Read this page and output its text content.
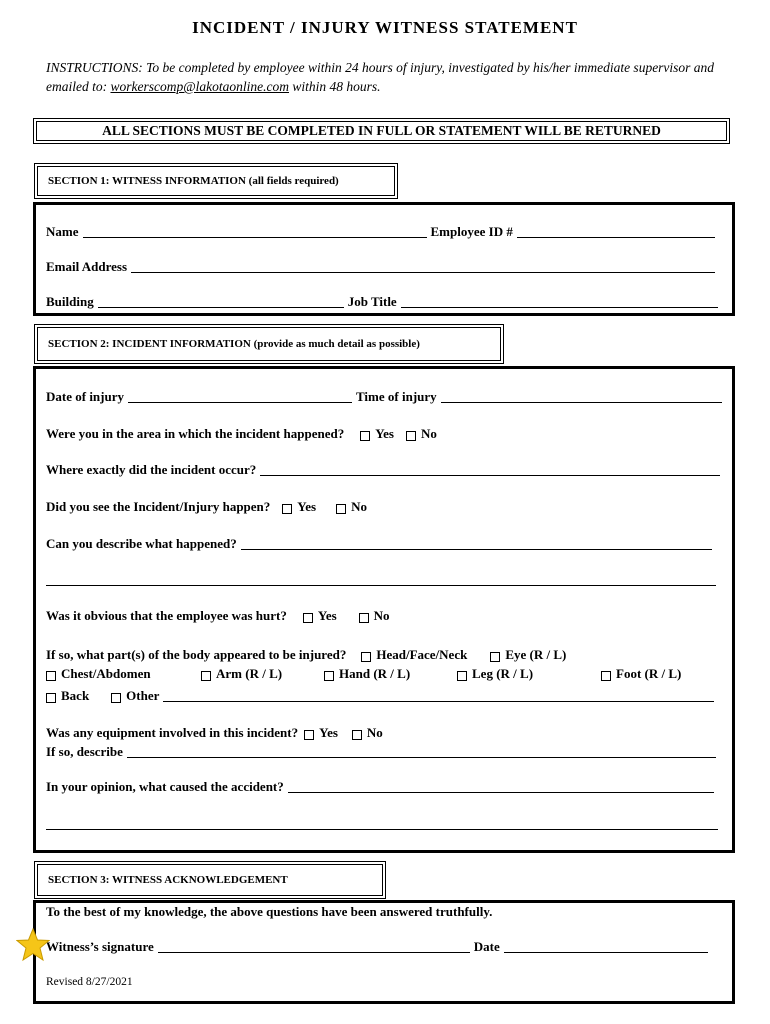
INCIDENT / INJURY WITNESS STATEMENT
INSTRUCTIONS: To be completed by employee within 24 hours of injury, investigated by his/her immediate supervisor and emailed to: workerscomp@lakotaonline.com within 48 hours.
ALL SECTIONS MUST BE COMPLETED IN FULL OR STATEMENT WILL BE RETURNED
SECTION 1: WITNESS INFORMATION (all fields required)
Name	Employee ID #
Email Address
Building	Job Title
SECTION 2: INCIDENT INFORMATION (provide as much detail as possible)
Date of injury	Time of injury
Were you in the area in which the incident happened? Yes No
Where exactly did the incident occur?
Did you see the Incident/Injury happen? Yes	No
Can you describe what happened?
Was it obvious that the employee was hurt? Yes	No
If so, what part(s) of the body appeared to be injured? Head/Face/Neck	Eye (R / L)
Chest/Abdomen	Arm (R / L)	Hand (R / L)	Leg (R / L)	Foot (R / L)
Back	Other
Was any equipment involved in this incident? Yes No
If so, describe
In your opinion, what caused the accident?
SECTION 3: WITNESS ACKNOWLEDGEMENT
To the best of my knowledge, the above questions have been answered truthfully.
Witness’s signature	Date
Revised 8/27/2021
